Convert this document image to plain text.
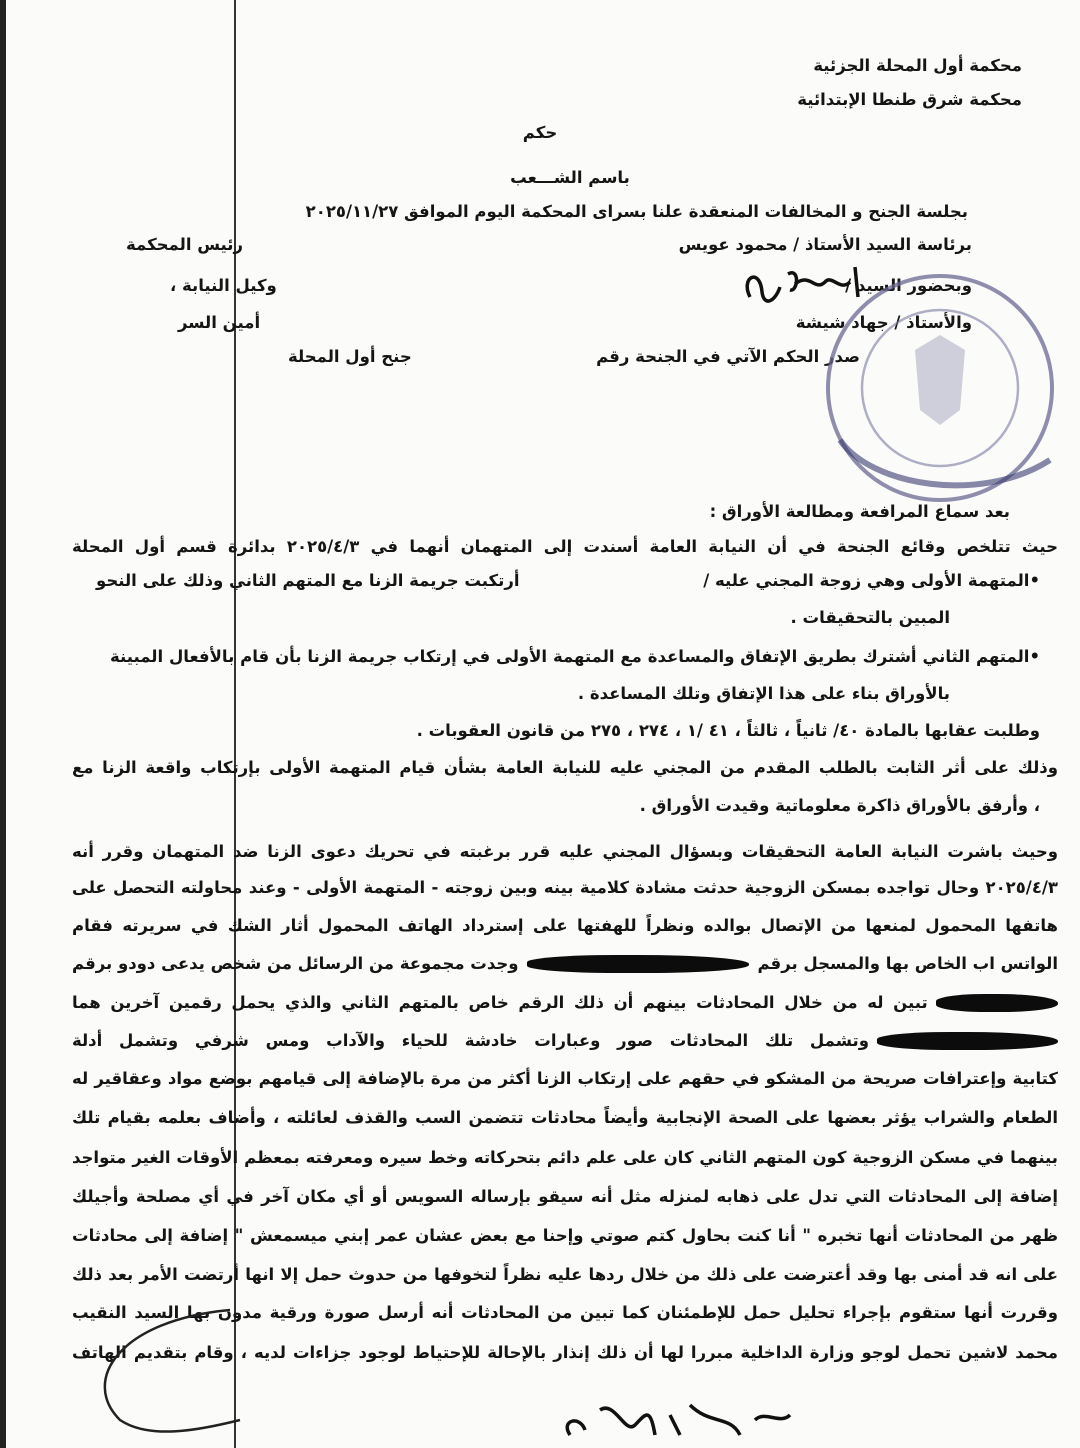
محكمة أول المحلة الجزئية
محكمة شرق طنطا الإبتدائية
حكم
باسم الشـــعب
بجلسة الجنح و المخالفات المنعقدة علنا بسراى المحكمة اليوم الموافق ٢٠٢٥/١١/٢٧
برئاسة السيد الأستاذ / محمود عويس
رئيس المحكمة
وبحضور السيد /
وكيل النيابة ،
والأستاذ / جهاد شيشة
أمين السر
صدر الحكم الآتي في الجنحة رقم
جنح أول المحلة
بعد سماع المرافعة ومطالعة الأوراق :
حيث تتلخص وقائع الجنحة في أن النيابة العامة أسندت إلى المتهمان أنهما في ٢٠٢٥/٤/٣ بدائرة قسم أول المحلة
•المتهمة الأولى وهي زوجة المجني عليه /
أرتكبت جريمة الزنا مع المتهم الثاني وذلك على النحو
المبين بالتحقيقات .
•المتهم الثاني أشترك بطريق الإتفاق والمساعدة مع المتهمة الأولى في إرتكاب جريمة الزنا بأن قام بالأفعال المبينة
بالأوراق بناء على هذا الإتفاق وتلك المساعدة .
وطلبت عقابها بالمادة ٤٠/ ثانياً ، ثالثاً ، ٤١ /١ ، ٢٧٤ ، ٢٧٥ من قانون العقوبات .
وذلك على أثر الثابت بالطلب المقدم من المجني عليه للنيابة العامة بشأن قيام المتهمة الأولى بإرتكاب واقعة الزنا مع
، وأرفق بالأوراق ذاكرة معلوماتية وقيدت الأوراق .
وحيث باشرت النيابة العامة التحقيقات وبسؤال المجني عليه قرر برغبته في تحريك دعوى الزنا ضد المتهمان وقرر أنه
٢٠٢٥/٤/٣ وحال تواجده بمسكن الزوجية حدثت مشادة كلامية بينه وبين زوجته - المتهمة الأولى - وعند محاولته التحصل على
هاتفها المحمول لمنعها من الإتصال بوالده ونظراً للهفتها على إسترداد الهاتف المحمول أثار الشك في سريرته فقام
الواتس اب الخاص بها والمسجل برقم
وجدت مجموعة من الرسائل من شخص يدعى دودو برقم
تبين له من خلال المحادثات بينهم أن ذلك الرقم خاص بالمتهم الثاني والذي يحمل رقمين آخرين هما
وتشمل تلك المحادثات صور وعبارات خادشة للحياء والآداب ومس شرفي وتشمل أدلة
كتابية وإعترافات صريحة من المشكو في حقهم على إرتكاب الزنا أكثر من مرة بالإضافة إلى قيامهم بوضع مواد وعقاقير له
الطعام والشراب يؤثر بعضها على الصحة الإنجابية وأيضاً محادثات تتضمن السب والقذف لعائلته ، وأضاف بعلمه بقيام تلك
بينهما في مسكن الزوجية كون المتهم الثاني كان على علم دائم بتحركاته وخط سيره ومعرفته بمعظم الأوقات الغير متواجد
إضافة إلى المحادثات التي تدل على ذهابه لمنزله مثل أنه سيقو بإرساله السويس أو أي مكان آخر في أي مصلحة وأجيلك
ظهر من المحادثات أنها تخبره " أنا كنت بحاول كتم صوتي وإحنا مع بعض عشان عمر إبني ميسمعش " إضافة إلى محادثات
على انه قد أمنى بها وقد أعترضت على ذلك من خلال ردها عليه نظراً لتخوفها من حدوث حمل إلا انها أرتضت الأمر بعد ذلك
وقررت أنها ستقوم بإجراء تحليل حمل للإطمئنان كما تبين من المحادثات أنه أرسل صورة ورقية مدون بها السيد النقيب
محمد لاشين تحمل لوجو وزارة الداخلية مبررا لها أن ذلك إنذار بالإحالة للإحتياط لوجود جزاءات لديه ، وقام بتقديم الهاتف
